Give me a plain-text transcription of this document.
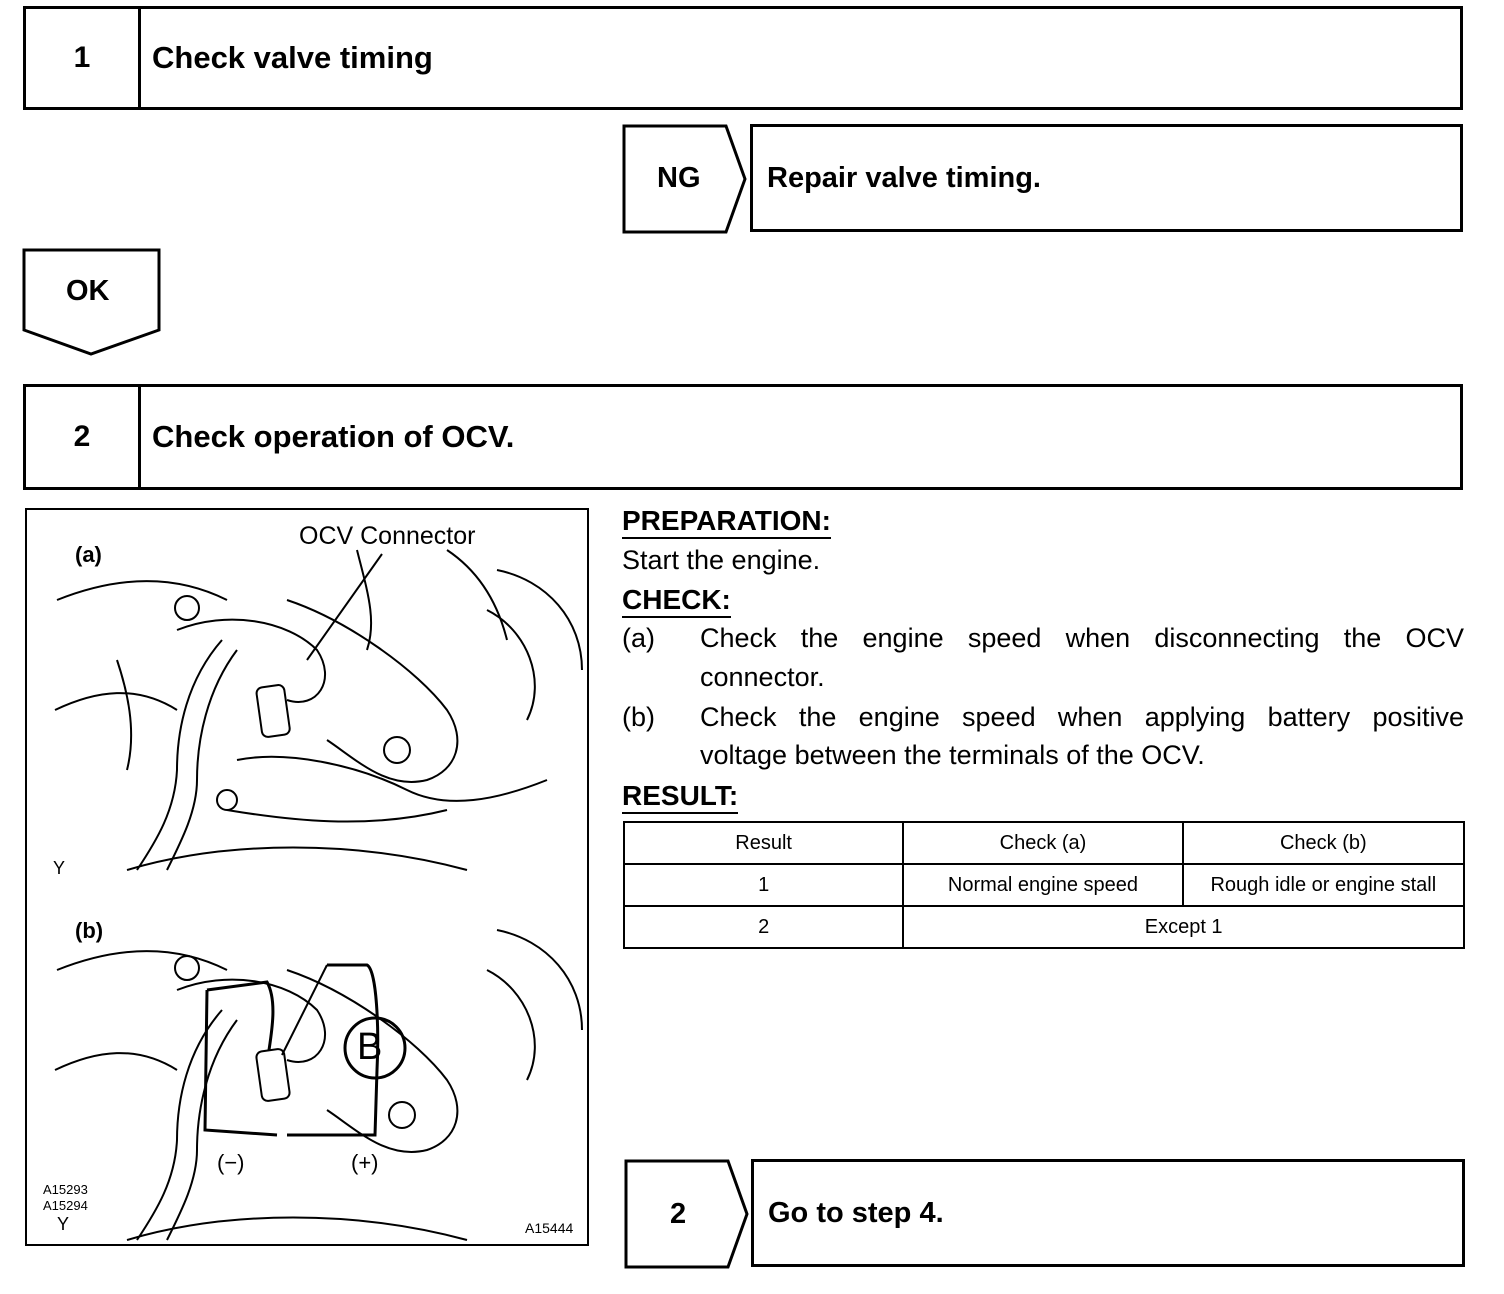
1	Check valve timing
NG Repair valve timing.
OK
2	Check operation of OCV.
(a)
OCV Connector
Y
(b)
B
(−)	(+)
A15293
A15294
Y	A15444
PREPARATION:
Start the engine.
CHECK:
(a) Check the engine speed when disconnecting the OCV
connector.
(b) Check the engine speed when applying battery positive
voltage between the terminals of the OCV.
RESULT:
Result	Check (a)	Check (b)
1	Normal engine speed	Rough idle or engine stall
2	Except 1	
2	Go to step 4.
